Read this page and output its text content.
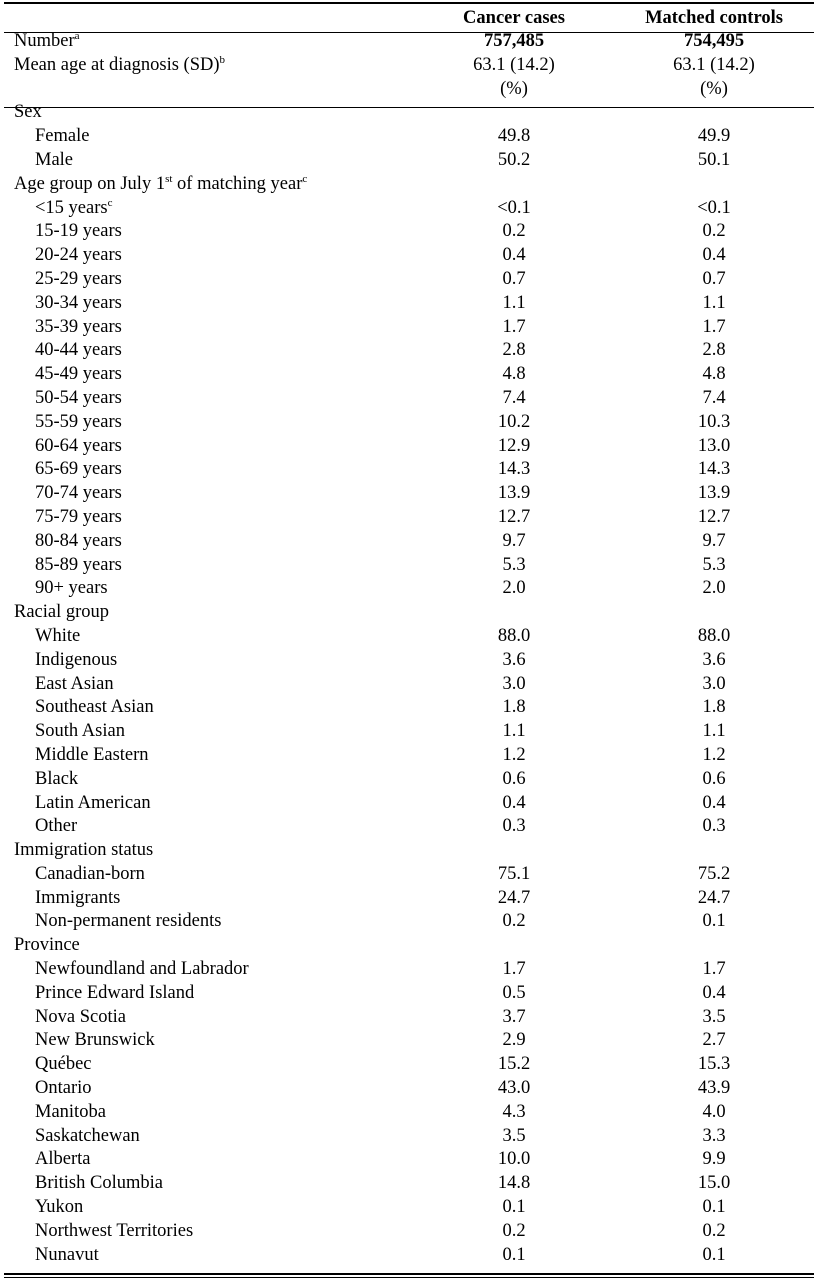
	Cancer cases	Matched controls
Number$^a$	757,485	754,495
Mean age at diagnosis (SD)$^b$	63.1 (14.2)	63.1 (14.2)
	(%)	(%)
Sex		
Female	49.8	49.9
Male	50.2	50.1
Age group on July 1st of matching year$^c$		
<15 years$^c$	<0.1	<0.1
15-19 years	0.2	0.2
20-24 years	0.4	0.4
25-29 years	0.7	0.7
30-34 years	1.1	1.1
35-39 years	1.7	1.7
40-44 years	2.8	2.8
45-49 years	4.8	4.8
50-54 years	7.4	7.4
55-59 years	10.2	10.3
60-64 years	12.9	13.0
65-69 years	14.3	14.3
70-74 years	13.9	13.9
75-79 years	12.7	12.7
80-84 years	9.7	9.7
85-89 years	5.3	5.3
90+ years	2.0	2.0
Racial group		
White	88.0	88.0
Indigenous	3.6	3.6
East Asian	3.0	3.0
Southeast Asian	1.8	1.8
South Asian	1.1	1.1
Middle Eastern	1.2	1.2
Black	0.6	0.6
Latin American	0.4	0.4
Other	0.3	0.3
Immigration status		
Canadian-born	75.1	75.2
Immigrants	24.7	24.7
Non-permanent residents	0.2	0.1
Province		
Newfoundland and Labrador	1.7	1.7
Prince Edward Island	0.5	0.4
Nova Scotia	3.7	3.5
New Brunswick	2.9	2.7
Québec	15.2	15.3
Ontario	43.0	43.9
Manitoba	4.3	4.0
Saskatchewan	3.5	3.3
Alberta	10.0	9.9
British Columbia	14.8	15.0
Yukon	0.1	0.1
Northwest Territories	0.2	0.2
Nunavut	0.1	0.1
